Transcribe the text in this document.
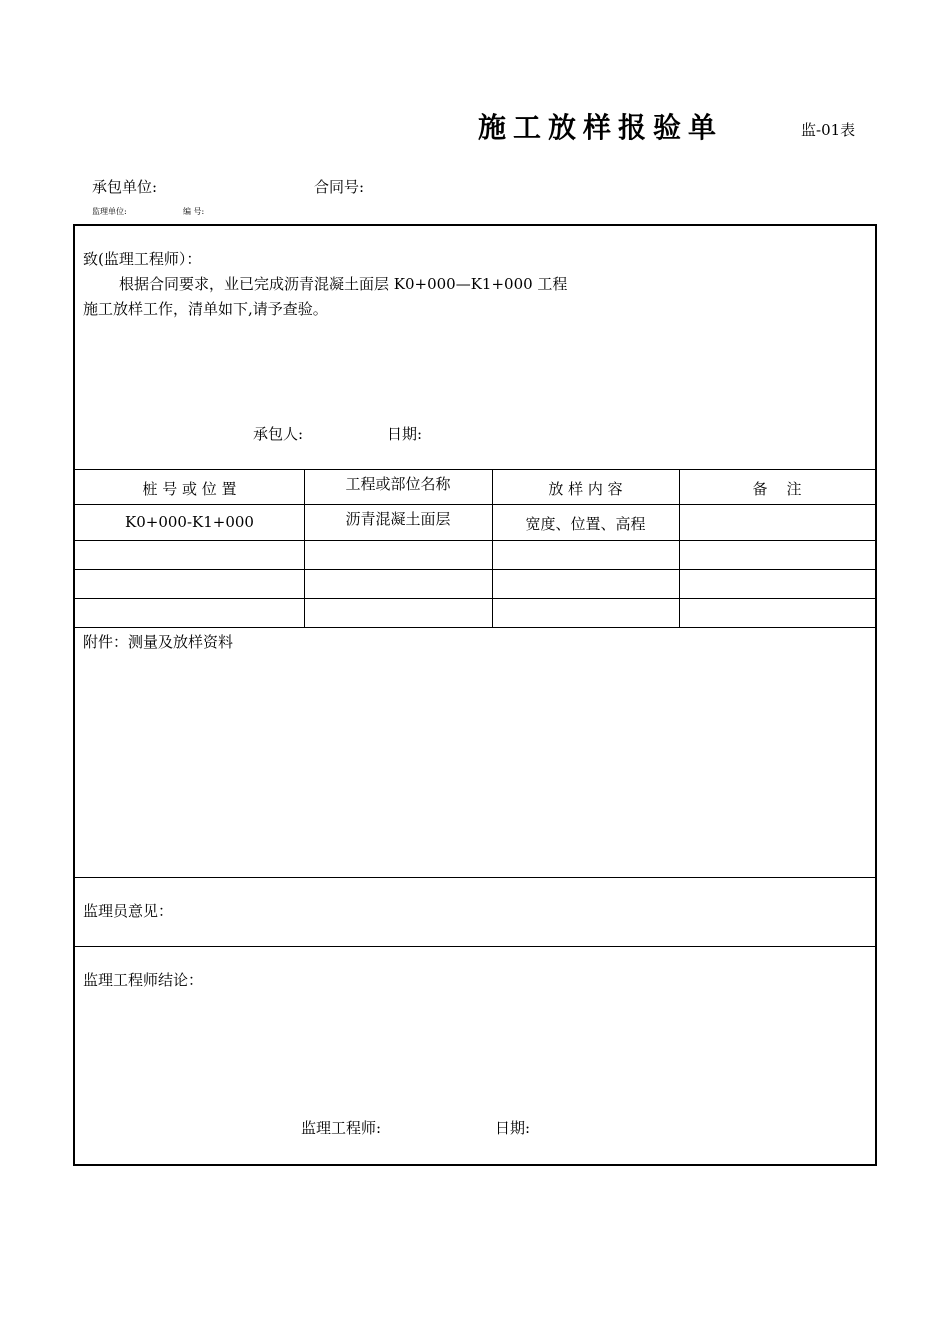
施工放样报验单	监-01表
承包单位:	合同号:
监理单位:	编 号:
致(监理工程师）：
根据合同要求，业已完成沥青混凝土面层 K0+000—K1+000 工程
施工放样工作，清单如下,请予查验。
承包人:	日期:
桩 号 或 位 置	工程或部位名称	放 样 内 容	备    注
K0+000-K1+000	沥青混凝土面层	宽度、位置、高程
附件：测量及放样资料
监理员意见：
监理工程师结论：
监理工程师:	日期:
